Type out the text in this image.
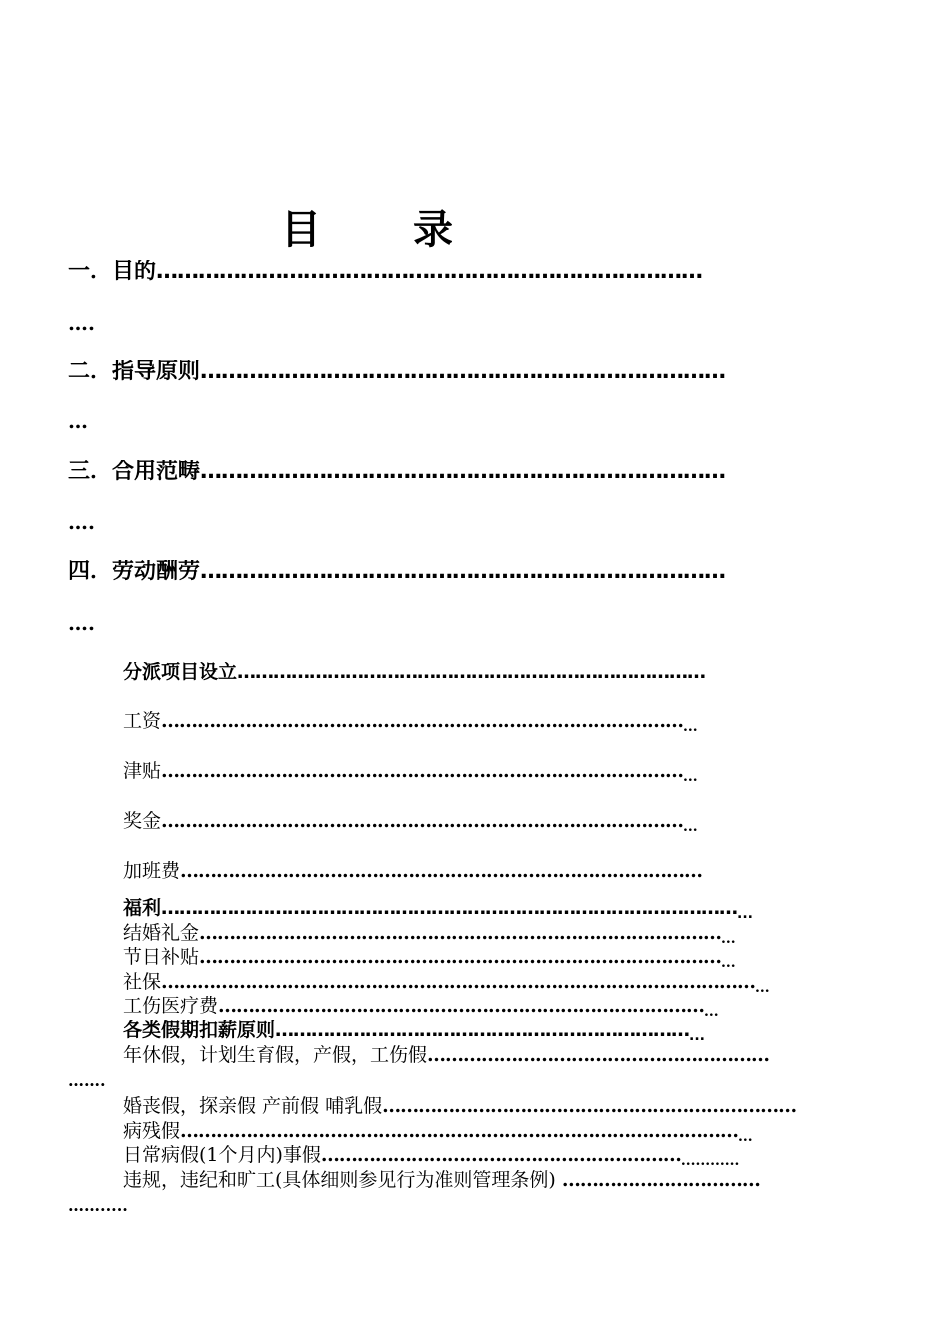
目　录
一．目的……………………………………………………………………
….
二．指导原则…………………………………………………………………
…
三．合用范畴…………………………………………………………………
….
四．劳动酬劳…………………………………………………………………
….
分派项目设立……………………………………………………………………
工资$\dots\dots\dots\dots\dots\dots\dots\dots\dots\dots\dots\dots\dots\dots\dots\dots\dots\dots\dots\dots\dots\dots\dots\dots\dots\dots\dots\dots\dots_{...}$
津贴$\dots\dots\dots\dots\dots\dots\dots\dots\dots\dots\dots\dots\dots\dots\dots\dots\dots\dots\dots\dots\dots\dots\dots\dots\dots\dots\dots\dots\dots_{...}$
奖金$\dots\dots\dots\dots\dots\dots\dots\dots\dots\dots\dots\dots\dots\dots\dots\dots\dots\dots\dots\dots\dots\dots\dots\dots\dots\dots\dots\dots\dots_{...}$
加班费……………………………………………………………………………
福利$\dots\dots\dots\dots\dots\dots\dots\dots\dots\dots\dots\dots\dots\dots\dots\dots\dots\dots\dots\dots\dots\dots\dots\dots\dots\dots\dots\dots\dots\dots\dots\dots_{...}$
结婚礼金$\dots\dots\dots\dots\dots\dots\dots\dots\dots\dots\dots\dots\dots\dots\dots\dots\dots\dots\dots\dots\dots\dots\dots\dots\dots\dots\dots\dots\dots_{...}$
节日补贴$\dots\dots\dots\dots\dots\dots\dots\dots\dots\dots\dots\dots\dots\dots\dots\dots\dots\dots\dots\dots\dots\dots\dots\dots\dots\dots\dots\dots\dots_{...}$
社保$\dots\dots\dots\dots\dots\dots\dots\dots\dots\dots\dots\dots\dots\dots\dots\dots\dots\dots\dots\dots\dots\dots\dots\dots\dots\dots\dots\dots\dots\dots\dots\dots\dots_{...}$
工伤医疗费$\dots\dots\dots\dots\dots\dots\dots\dots\dots\dots\dots\dots\dots\dots\dots\dots\dots\dots\dots\dots\dots\dots\dots\dots\dots\dots\dots_{...}$
各类假期扣薪原则$\dots\dots\dots\dots\dots\dots\dots\dots\dots\dots\dots\dots\dots\dots\dots\dots\dots\dots\dots\dots\dots\dots\dots_{...}$
年休假，计划生育假，产假，工伤假…………………………………………………
…….
婚丧假，探亲假 产前假 哺乳假……………………………………………………………
病残假$\dots\dots\dots\dots\dots\dots\dots\dots\dots\dots\dots\dots\dots\dots\dots\dots\dots\dots\dots\dots\dots\dots\dots\dots\dots\dots\dots\dots\dots\dots\dots_{...}$
日常病假(1个月内)事假$\dots\dots\dots\dots\dots\dots\dots\dots\dots\dots\dots\dots\dots\dots\dots\dots\dots\dots\dots\dots_{............}$
违规，违纪和旷工(具体细则参见行为准则管理条例) ……………………………
…….....
